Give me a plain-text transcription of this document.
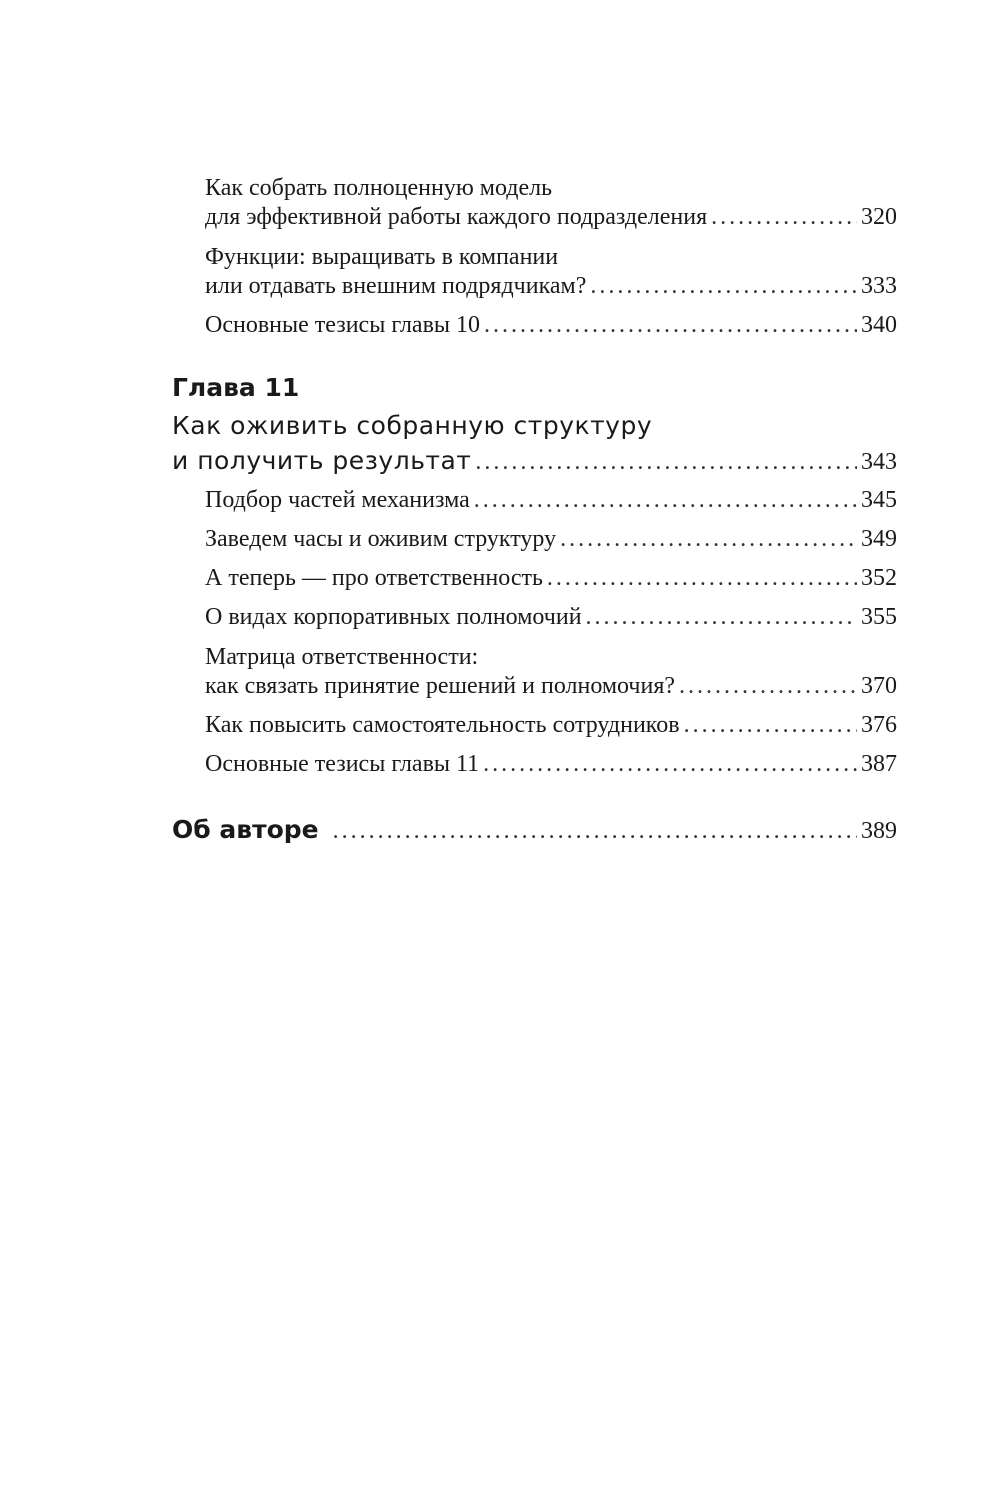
Как собрать полноценную модель
для эффективной работы каждого подразделения .....	320
Функции: выращивать в компании
или отдавать внешним подрядчикам? .....	333
Основные тезисы главы 10 .....	340
Глава 11
Как оживить собранную структуру
и получить результат .....	343
Подбор частей механизма .....	345
Заведем часы и оживим структуру .....	349
А теперь — про ответственность .....	352
О видах корпоративных полномочий .....	355
Матрица ответственности:
как связать принятие решений и полномочия? .....	370
Как повысить самостоятельность сотрудников .....	376
Основные тезисы главы 11 .....	387
Об авторе .....	389
